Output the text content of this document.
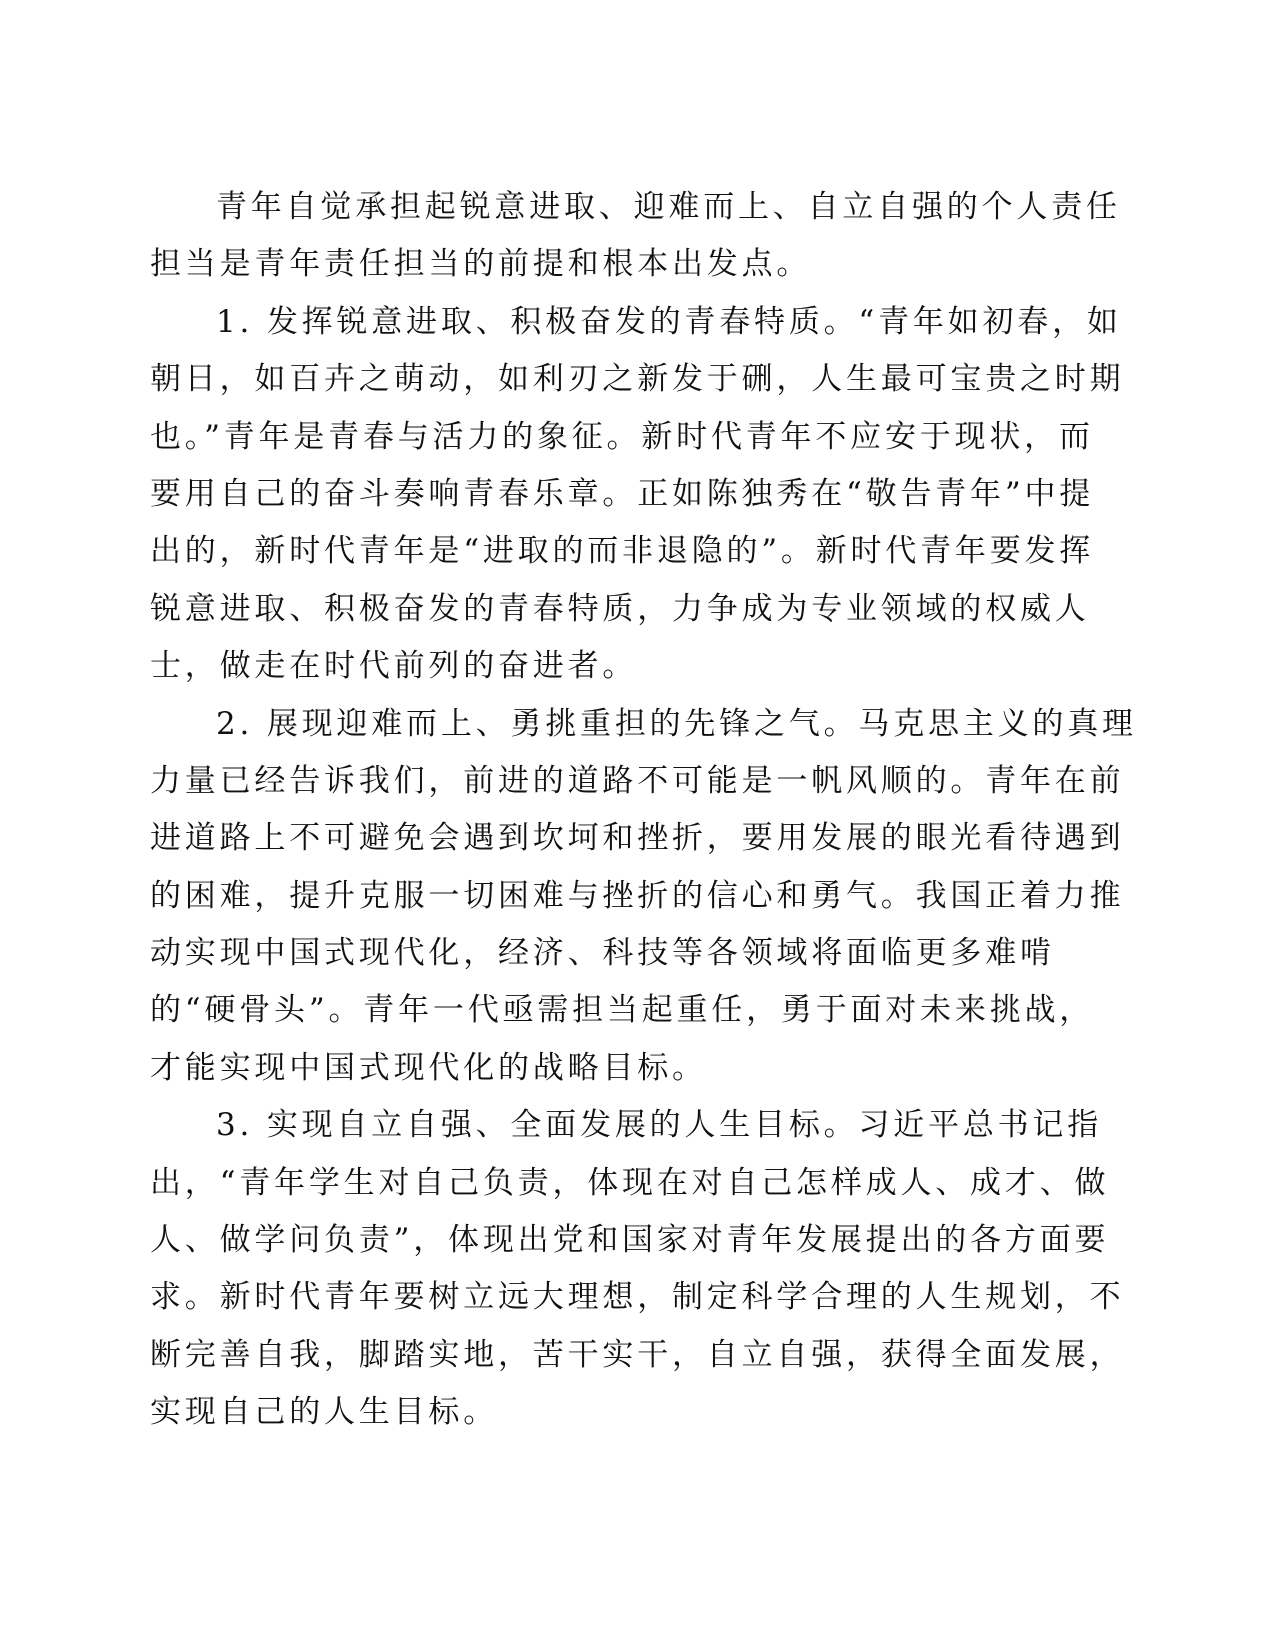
青年自觉承担起锐意进取、迎难而上、自立自强的个人责任
担当是青年责任担当的前提和根本出发点。
1. 发挥锐意进取、积极奋发的青春特质。“青年如初春，如
朝日，如百卉之萌动，如利刃之新发于硎，人生最可宝贵之时期
也。”青年是青春与活力的象征。新时代青年不应安于现状，而
要用自己的奋斗奏响青春乐章。正如陈独秀在“敬告青年”中提
出的，新时代青年是“进取的而非退隐的”。新时代青年要发挥
锐意进取、积极奋发的青春特质，力争成为专业领域的权威人
士，做走在时代前列的奋进者。
2. 展现迎难而上、勇挑重担的先锋之气。马克思主义的真理
力量已经告诉我们，前进的道路不可能是一帆风顺的。青年在前
进道路上不可避免会遇到坎坷和挫折，要用发展的眼光看待遇到
的困难，提升克服一切困难与挫折的信心和勇气。我国正着力推
动实现中国式现代化，经济、科技等各领域将面临更多难啃
的“硬骨头”。青年一代亟需担当起重任，勇于面对未来挑战，
才能实现中国式现代化的战略目标。
3. 实现自立自强、全面发展的人生目标。习近平总书记指
出，“青年学生对自己负责，体现在对自己怎样成人、成才、做
人、做学问负责”，体现出党和国家对青年发展提出的各方面要
求。新时代青年要树立远大理想，制定科学合理的人生规划，不
断完善自我，脚踏实地，苦干实干，自立自强，获得全面发展，
实现自己的人生目标。
